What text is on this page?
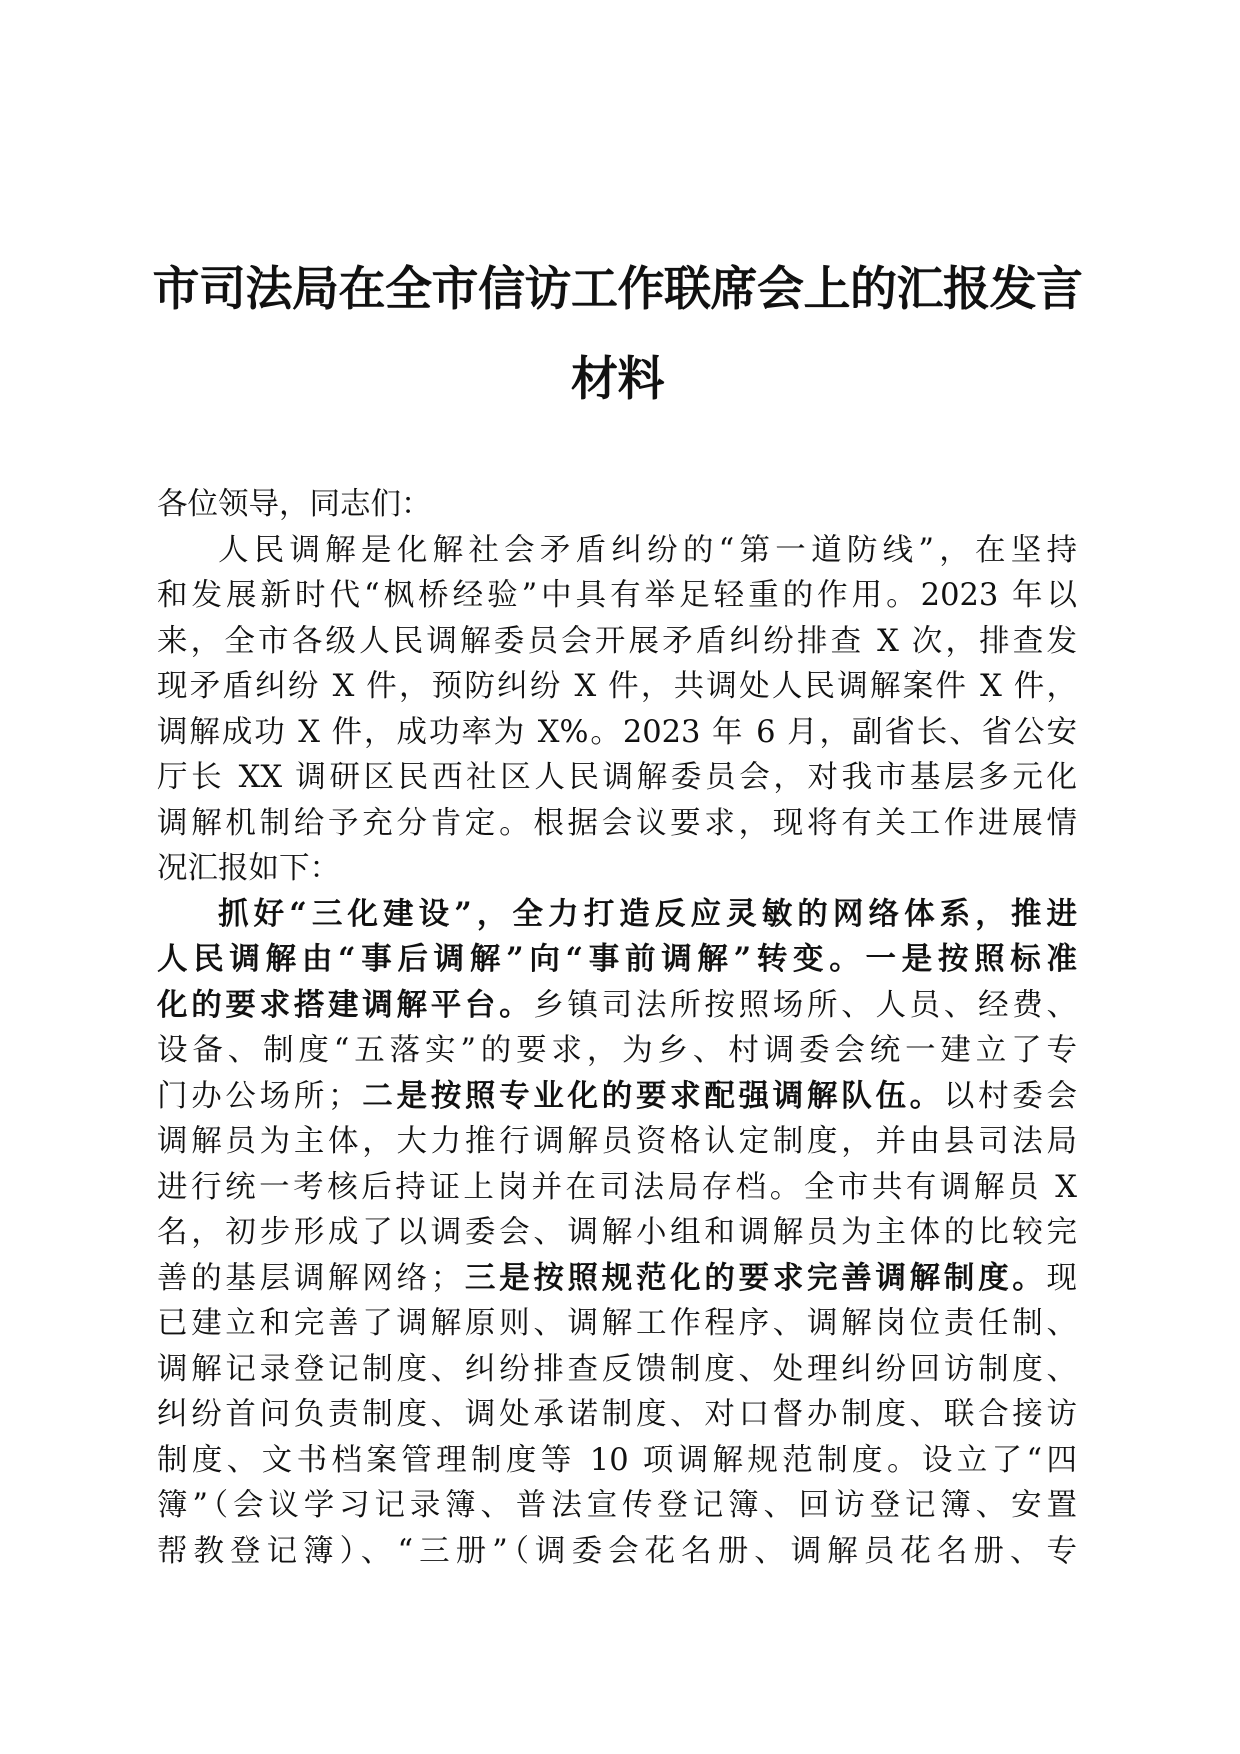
市司法局在全市信访工作联席会上的汇报发言
材料
各位领导，同志们：
人民调解是化解社会矛盾纠纷的“第一道防线”，在坚持
和发展新时代“枫桥经验”中具有举足轻重的作用。2023 年以
来，全市各级人民调解委员会开展矛盾纠纷排查 X 次，排查发
现矛盾纠纷 X 件，预防纠纷 X 件，共调处人民调解案件 X 件，
调解成功 X 件，成功率为 X%。2023 年 6 月，副省长、省公安
厅长 XX 调研区民西社区人民调解委员会，对我市基层多元化
调解机制给予充分肯定。根据会议要求，现将有关工作进展情
况汇报如下：
抓好“三化建设”，全力打造反应灵敏的网络体系，推进
人民调解由“事后调解”向“事前调解”转变。一是按照标准
化的要求搭建调解平台。乡镇司法所按照场所、人员、经费、
设备、制度“五落实”的要求，为乡、村调委会统一建立了专
门办公场所；二是按照专业化的要求配强调解队伍。以村委会
调解员为主体，大力推行调解员资格认定制度，并由县司法局
进行统一考核后持证上岗并在司法局存档。全市共有调解员 X
名，初步形成了以调委会、调解小组和调解员为主体的比较完
善的基层调解网络；三是按照规范化的要求完善调解制度。现
已建立和完善了调解原则、调解工作程序、调解岗位责任制、
调解记录登记制度、纠纷排查反馈制度、处理纠纷回访制度、
纠纷首问负责制度、调处承诺制度、对口督办制度、联合接访
制度、文书档案管理制度等 10 项调解规范制度。设立了“四
簿”（会议学习记录簿、普法宣传登记簿、回访登记簿、安置
帮教登记簿）、“三册”（调委会花名册、调解员花名册、专
